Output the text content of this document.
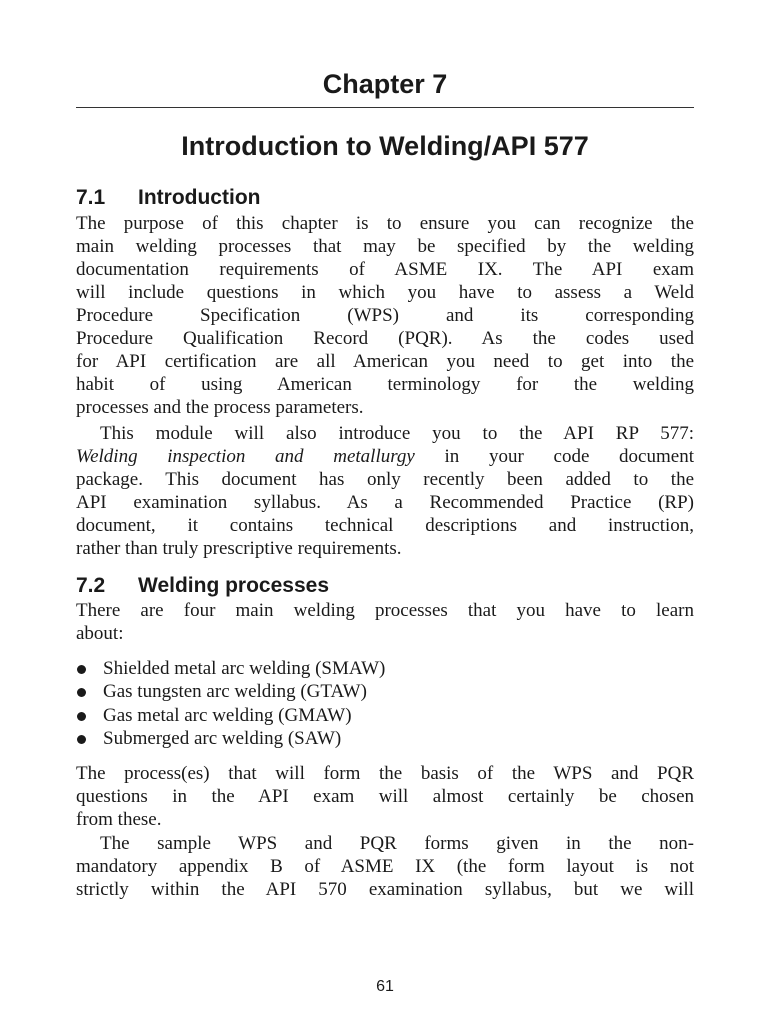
Chapter 7
Introduction to Welding/API 577
7.1 Introduction
The purpose of this chapter is to ensure you can recognize the
main welding processes that may be specified by the welding
documentation requirements of ASME IX. The API exam
will include questions in which you have to assess a Weld
Procedure Specification (WPS) and its corresponding
Procedure Qualification Record (PQR). As the codes used
for API certification are all American you need to get into the
habit of using American terminology for the welding
processes and the process parameters.
This module will also introduce you to the API RP 577:
Welding inspection and metallurgy in your code document
package. This document has only recently been added to the
API examination syllabus. As a Recommended Practice (RP)
document, it contains technical descriptions and instruction,
rather than truly prescriptive requirements.
7.2 Welding processes
There are four main welding processes that you have to learn
about:
Shielded metal arc welding (SMAW)
Gas tungsten arc welding (GTAW)
Gas metal arc welding (GMAW)
Submerged arc welding (SAW)
The process(es) that will form the basis of the WPS and PQR
questions in the API exam will almost certainly be chosen
from these.
The sample WPS and PQR forms given in the non-
mandatory appendix B of ASME IX (the form layout is not
strictly within the API 570 examination syllabus, but we will
61
